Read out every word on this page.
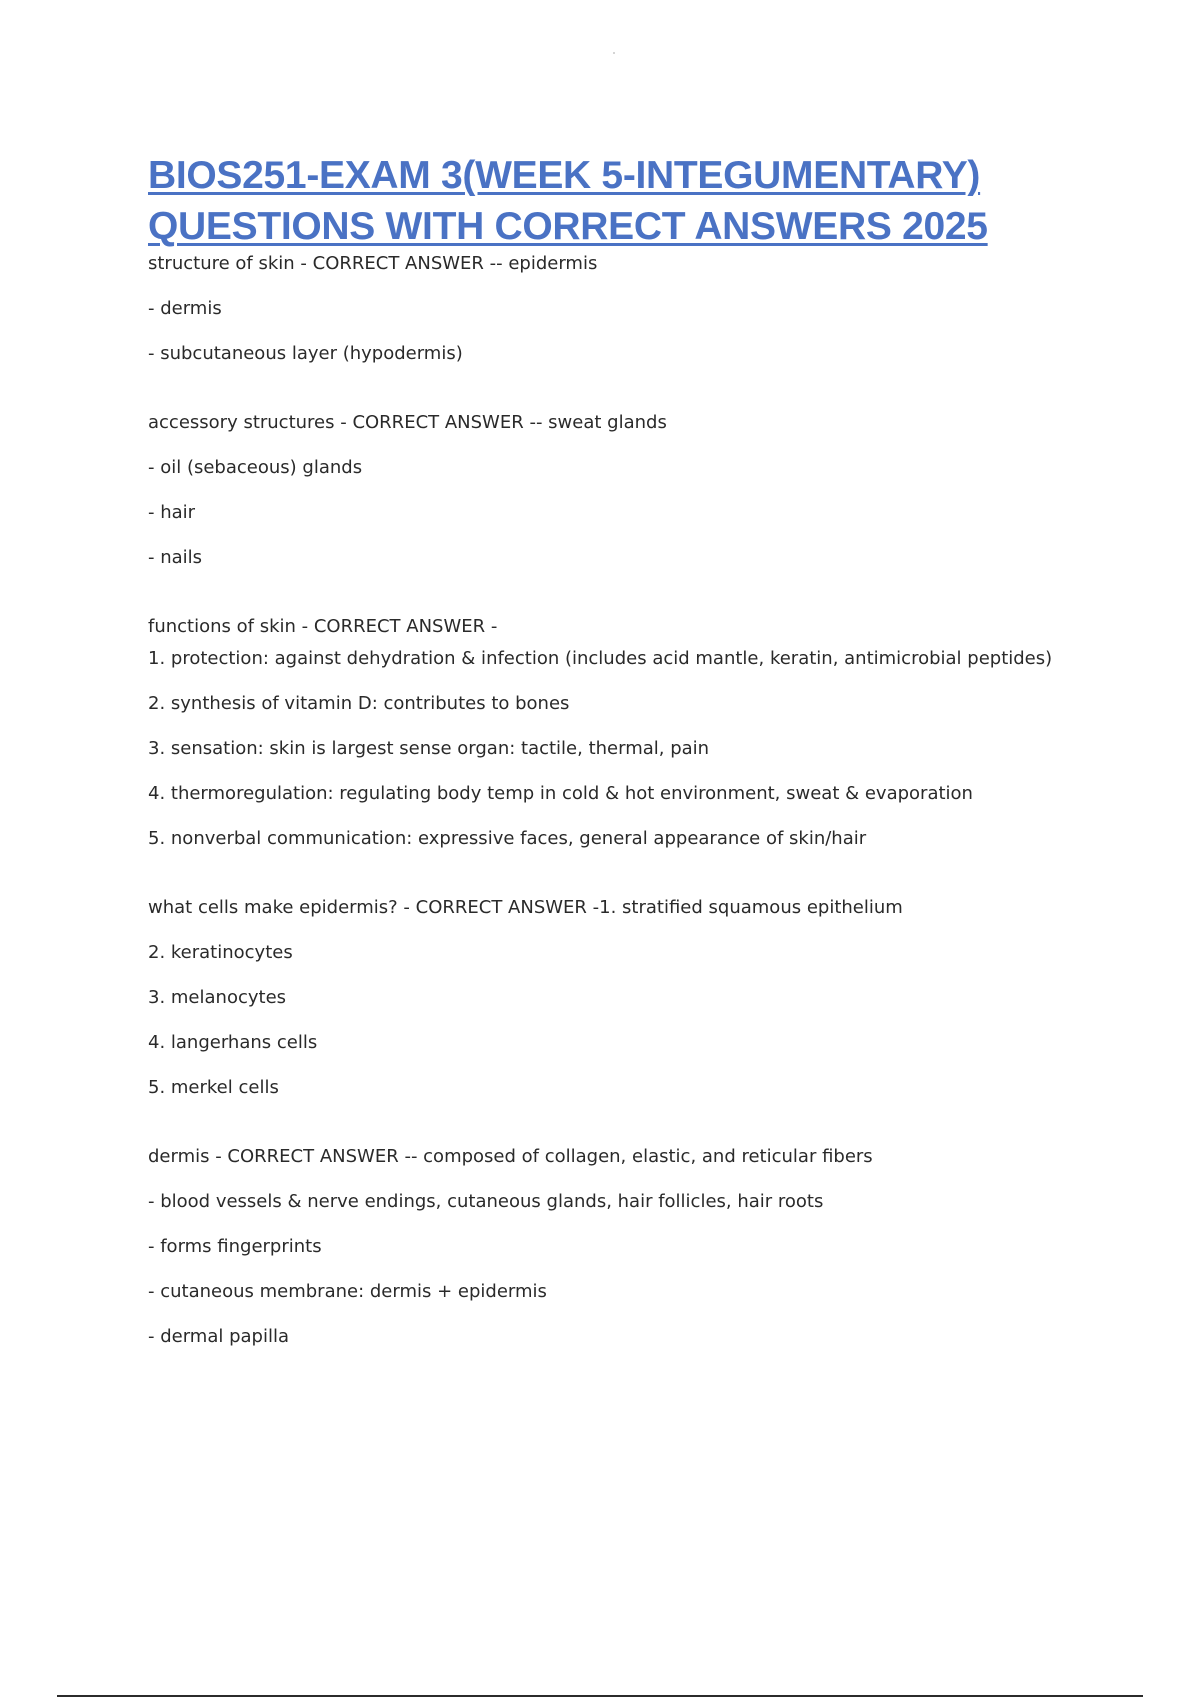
BIOS251-EXAM 3(WEEK 5-INTEGUMENTARY)
QUESTIONS WITH CORRECT ANSWERS 2025
structure of skin - CORRECT ANSWER -- epidermis
- dermis
- subcutaneous layer (hypodermis)
accessory structures - CORRECT ANSWER -- sweat glands
- oil (sebaceous) glands
- hair
- nails
functions of skin - CORRECT ANSWER -
1. protection: against dehydration & infection (includes acid mantle, keratin, antimicrobial peptides)
2. synthesis of vitamin D: contributes to bones
3. sensation: skin is largest sense organ: tactile, thermal, pain
4. thermoregulation: regulating body temp in cold & hot environment, sweat & evaporation
5. nonverbal communication: expressive faces, general appearance of skin/hair
what cells make epidermis? - CORRECT ANSWER -1. stratified squamous epithelium
2. keratinocytes
3. melanocytes
4. langerhans cells
5. merkel cells
dermis - CORRECT ANSWER -- composed of collagen, elastic, and reticular fibers
- blood vessels & nerve endings, cutaneous glands, hair follicles, hair roots
- forms fingerprints
- cutaneous membrane: dermis + epidermis
- dermal papilla
